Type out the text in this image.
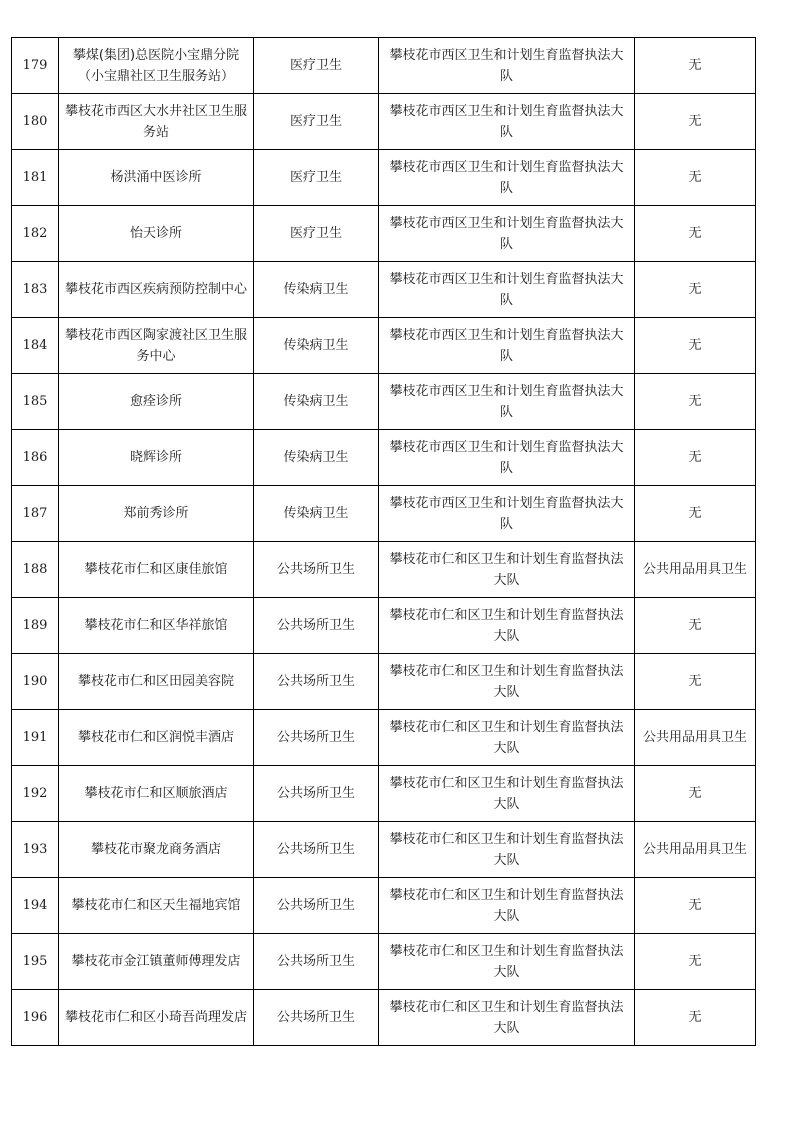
179	攀煤(集团)总医院小宝鼎分院（小宝鼎社区卫生服务站）	医疗卫生	攀枝花市西区卫生和计划生育监督执法大队	无
180	攀枝花市西区大水井社区卫生服务站	医疗卫生	攀枝花市西区卫生和计划生育监督执法大队	无
181	杨洪涌中医诊所	医疗卫生	攀枝花市西区卫生和计划生育监督执法大队	无
182	怡天诊所	医疗卫生	攀枝花市西区卫生和计划生育监督执法大队	无
183	攀枝花市西区疾病预防控制中心	传染病卫生	攀枝花市西区卫生和计划生育监督执法大队	无
184	攀枝花市西区陶家渡社区卫生服务中心	传染病卫生	攀枝花市西区卫生和计划生育监督执法大队	无
185	愈痊诊所	传染病卫生	攀枝花市西区卫生和计划生育监督执法大队	无
186	晓辉诊所	传染病卫生	攀枝花市西区卫生和计划生育监督执法大队	无
187	郑前秀诊所	传染病卫生	攀枝花市西区卫生和计划生育监督执法大队	无
188	攀枝花市仁和区康佳旅馆	公共场所卫生	攀枝花市仁和区卫生和计划生育监督执法大队	公共用品用具卫生
189	攀枝花市仁和区华祥旅馆	公共场所卫生	攀枝花市仁和区卫生和计划生育监督执法大队	无
190	攀枝花市仁和区田园美容院	公共场所卫生	攀枝花市仁和区卫生和计划生育监督执法大队	无
191	攀枝花市仁和区润悦丰酒店	公共场所卫生	攀枝花市仁和区卫生和计划生育监督执法大队	公共用品用具卫生
192	攀枝花市仁和区顺旅酒店	公共场所卫生	攀枝花市仁和区卫生和计划生育监督执法大队	无
193	攀枝花市聚龙商务酒店	公共场所卫生	攀枝花市仁和区卫生和计划生育监督执法大队	公共用品用具卫生
194	攀枝花市仁和区天生福地宾馆	公共场所卫生	攀枝花市仁和区卫生和计划生育监督执法大队	无
195	攀枝花市金江镇董师傅理发店	公共场所卫生	攀枝花市仁和区卫生和计划生育监督执法大队	无
196	攀枝花市仁和区小琦吾尚理发店	公共场所卫生	攀枝花市仁和区卫生和计划生育监督执法大队	无
